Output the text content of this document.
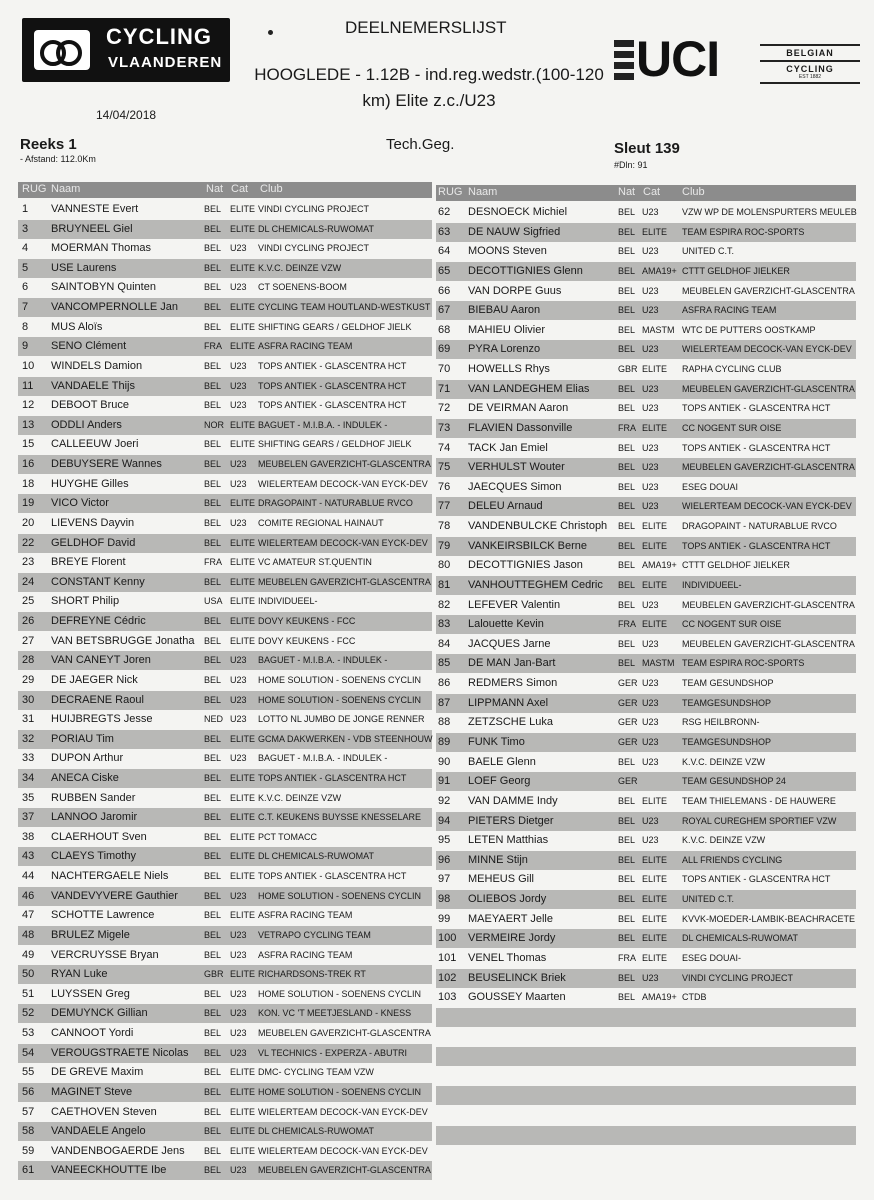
CYCLING
VLAANDEREN
DEELNEMERSLIJST
HOOGLEDE - 1.12B - ind.reg.wedstr.(100-120
km) Elite z.c./U23
UCI	BELGIAN
CYCLING
EST 1882
14/04/2018
Reeks 1
- Afstand: 112.0Km
Tech.Geg.	Sleut 139
#Dln: 91
RUG Naam	Nat Cat Club	RUG Naam	Nat Cat Club
1 VANNESTE Evert	BEL ELITE VINDI CYCLING PROJECT
3 BRUYNEEL Giel	BEL ELITE DL CHEMICALS-RUWOMAT
4 MOERMAN Thomas	BEL U23 VINDI CYCLING PROJECT
5 USE Laurens	BEL ELITE K.V.C. DEINZE VZW
6 SAINTOBYN Quinten	BEL U23 CT SOENENS-BOOM
7 VANCOMPERNOLLE Jan	BEL ELITE CYCLING TEAM HOUTLAND-WESTKUST
8 MUS Aloïs	BEL ELITE SHIFTING GEARS / GELDHOF JIELK
9 SENO Clément	FRA ELITE ASFRA RACING TEAM
10 WINDELS Damion	BEL U23 TOPS ANTIEK - GLASCENTRA HCT
11 VANDAELE Thijs	BEL U23 TOPS ANTIEK - GLASCENTRA HCT
12 DEBOOT Bruce	BEL U23 TOPS ANTIEK - GLASCENTRA HCT
13 ODDLI Anders	NOR ELITE BAGUET - M.I.B.A. - INDULEK -
15 CALLEEUW Joeri	BEL ELITE SHIFTING GEARS / GELDHOF JIELK
16 DEBUYSERE Wannes	BEL U23 MEUBELEN GAVERZICHT-GLASCENTRA
18 HUYGHE Gilles	BEL U23 WIELERTEAM DECOCK-VAN EYCK-DEV
19 VICO Victor	BEL ELITE DRAGOPAINT - NATURABLUE RVCO
20 LIEVENS Dayvin	BEL U23 COMITE REGIONAL HAINAUT
22 GELDHOF David	BEL ELITE WIELERTEAM DECOCK-VAN EYCK-DEV
23 BREYE Florent	FRA ELITE VC AMATEUR ST.QUENTIN
24 CONSTANT Kenny	BEL ELITE MEUBELEN GAVERZICHT-GLASCENTRA
25 SHORT Philip	USA ELITE INDIVIDUEEL-
26 DEFREYNE Cédric	BEL ELITE DOVY KEUKENS - FCC
27 VAN BETSBRUGGE Jonatha BEL ELITE DOVY KEUKENS - FCC
28 VAN CANEYT Joren	BEL U23 BAGUET - M.I.B.A. - INDULEK -
29 DE JAEGER Nick	BEL U23 HOME SOLUTION - SOENENS CYCLIN
30 DECRAENE Raoul	BEL U23 HOME SOLUTION - SOENENS CYCLIN
31 HUIJBREGTS Jesse	NED U23 LOTTO NL JUMBO DE JONGE RENNER
32 PORIAU Tim	BEL ELITE GCMA DAKWERKEN - VDB STEENHOUW
33 DUPON Arthur	BEL U23 BAGUET - M.I.B.A. - INDULEK -
34 ANECA Ciske	BEL ELITE TOPS ANTIEK - GLASCENTRA HCT
35 RUBBEN Sander	BEL ELITE K.V.C. DEINZE VZW
37 LANNOO Jaromir	BEL ELITE C.T. KEUKENS BUYSSE KNESSELARE
38 CLAERHOUT Sven	BEL ELITE PCT TOMACC
43 CLAEYS Timothy	BEL ELITE DL CHEMICALS-RUWOMAT
44 NACHTERGAELE Niels	BEL ELITE TOPS ANTIEK - GLASCENTRA HCT
46 VANDEVYVERE Gauthier	BEL U23 HOME SOLUTION - SOENENS CYCLIN
47 SCHOTTE Lawrence	BEL ELITE ASFRA RACING TEAM
48 BRULEZ Migele	BEL U23 VETRAPO CYCLING TEAM
49 VERCRUYSSE Bryan	BEL U23 ASFRA RACING TEAM
50 RYAN Luke	GBR ELITE RICHARDSONS-TREK RT
51 LUYSSEN Greg	BEL U23 HOME SOLUTION - SOENENS CYCLIN
52 DEMUYNCK Gillian	BEL U23 KON. VC 'T MEETJESLAND - KNESS
53 CANNOOT Yordi	BEL U23 MEUBELEN GAVERZICHT-GLASCENTRA
54 VEROUGSTRAETE Nicolas BEL U23 VL TECHNICS - EXPERZA - ABUTRI
55 DE GREVE Maxim	BEL ELITE DMC- CYCLING TEAM VZW
56 MAGINET Steve	BEL ELITE HOME SOLUTION - SOENENS CYCLIN
57 CAETHOVEN Steven	BEL ELITE WIELERTEAM DECOCK-VAN EYCK-DEV
58 VANDAELE Angelo	BEL ELITE DL CHEMICALS-RUWOMAT
59 VANDENBOGAERDE Jens BEL ELITE WIELERTEAM DECOCK-VAN EYCK-DEV
61 VANEECKHOUTTE Ibe	BEL U23 MEUBELEN GAVERZICHT-GLASCENTRA
62 DESNOECK Michiel	BEL U23	VZW WP DE MOLENSPURTERS MEULEB
63 DE NAUW Sigfried	BEL ELITE TEAM ESPIRA ROC-SPORTS
64 MOONS Steven	BEL U23	UNITED C.T.
65 DECOTTIGNIES Glenn	BEL AMA19+ CTTT GELDHOF JIELKER
66 VAN DORPE Guus	BEL U23	MEUBELEN GAVERZICHT-GLASCENTRA
67 BIEBAU Aaron	BEL U23	ASFRA RACING TEAM
68 MAHIEU Olivier	BEL MASTM WTC DE PUTTERS OOSTKAMP
69 PYRA Lorenzo	BEL U23	WIELERTEAM DECOCK-VAN EYCK-DEV
70 HOWELLS Rhys	GBR ELITE RAPHA CYCLING CLUB
71 VAN LANDEGHEM Elias	BEL U23	MEUBELEN GAVERZICHT-GLASCENTRA
72 DE VEIRMAN Aaron	BEL U23	TOPS ANTIEK - GLASCENTRA HCT
73 FLAVIEN Dassonville	FRA ELITE CC NOGENT SUR OISE
74 TACK Jan Emiel	BEL U23	TOPS ANTIEK - GLASCENTRA HCT
75 VERHULST Wouter	BEL U23	MEUBELEN GAVERZICHT-GLASCENTRA
76 JAECQUES Simon	BEL U23	ESEG DOUAI
77 DELEU Arnaud	BEL U23	WIELERTEAM DECOCK-VAN EYCK-DEV
78 VANDENBULCKE Christoph BEL ELITE DRAGOPAINT - NATURABLUE RVCO
79 VANKEIRSBILCK Berne	BEL ELITE TOPS ANTIEK - GLASCENTRA HCT
80 DECOTTIGNIES Jason	BEL AMA19+ CTTT GELDHOF JIELKER
81 VANHOUTTEGHEM Cedric BEL ELITE INDIVIDUEEL-
82 LEFEVER Valentin	BEL U23	MEUBELEN GAVERZICHT-GLASCENTRA
83 Lalouette Kevin	FRA ELITE CC NOGENT SUR OISE
84 JACQUES Jarne	BEL U23	MEUBELEN GAVERZICHT-GLASCENTRA
85 DE MAN Jan-Bart	BEL MASTM TEAM ESPIRA ROC-SPORTS
86 REDMERS Simon	GER U23	TEAM GESUNDSHOP
87 LIPPMANN Axel	GER U23	TEAMGESUNDSHOP
88 ZETZSCHE Luka	GER U23	RSG HEILBRONN-
89 FUNK Timo	GER U23	TEAMGESUNDSHOP
90 BAELE Glenn	BEL U23	K.V.C. DEINZE VZW
91 LOEF Georg	GER	TEAM GESUNDSHOP 24
92 VAN DAMME Indy	BEL ELITE TEAM THIELEMANS - DE HAUWERE
94 PIETERS Dietger	BEL U23	ROYAL CUREGHEM SPORTIEF VZW
95 LETEN Matthias	BEL U23	K.V.C. DEINZE VZW
96 MINNE Stijn	BEL ELITE ALL FRIENDS CYCLING
97 MEHEUS Gill	BEL ELITE TOPS ANTIEK - GLASCENTRA HCT
98 OLIEBOS Jordy	BEL ELITE UNITED C.T.
99 MAEYAERT Jelle	BEL ELITE KVVK-MOEDER-LAMBIK-BEACHRACETE
100 VERMEIRE Jordy	BEL ELITE DL CHEMICALS-RUWOMAT
101 VENEL Thomas	FRA ELITE ESEG DOUAI-
102 BEUSELINCK Briek	BEL U23	VINDI CYCLING PROJECT
103 GOUSSEY Maarten	BEL AMA19+ CTDB
